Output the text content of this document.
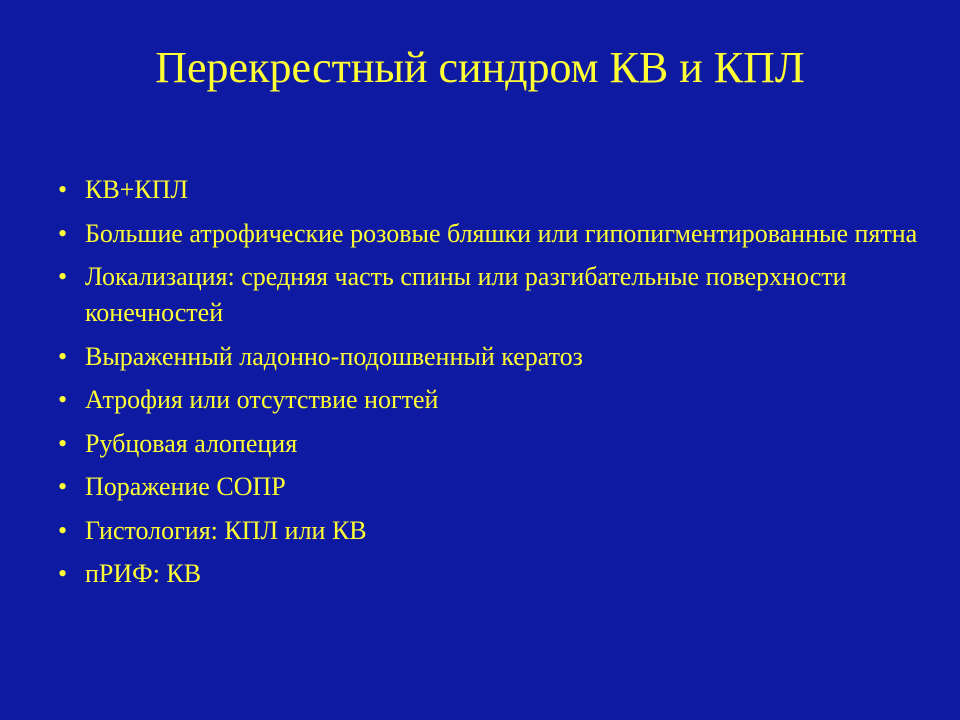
Перекрестный синдром КВ и КПЛ
• КВ+КПЛ
• Большие атрофические розовые бляшки или гипопигментированные пятна
• Локализация: средняя часть спины или разгибательные поверхности конечностей
• Выраженный ладонно-подошвенный кератоз
• Атрофия или отсутствие ногтей
• Рубцовая алопеция
• Поражение СОПР
• Гистология: КПЛ или КВ
• пРИФ: КВ
